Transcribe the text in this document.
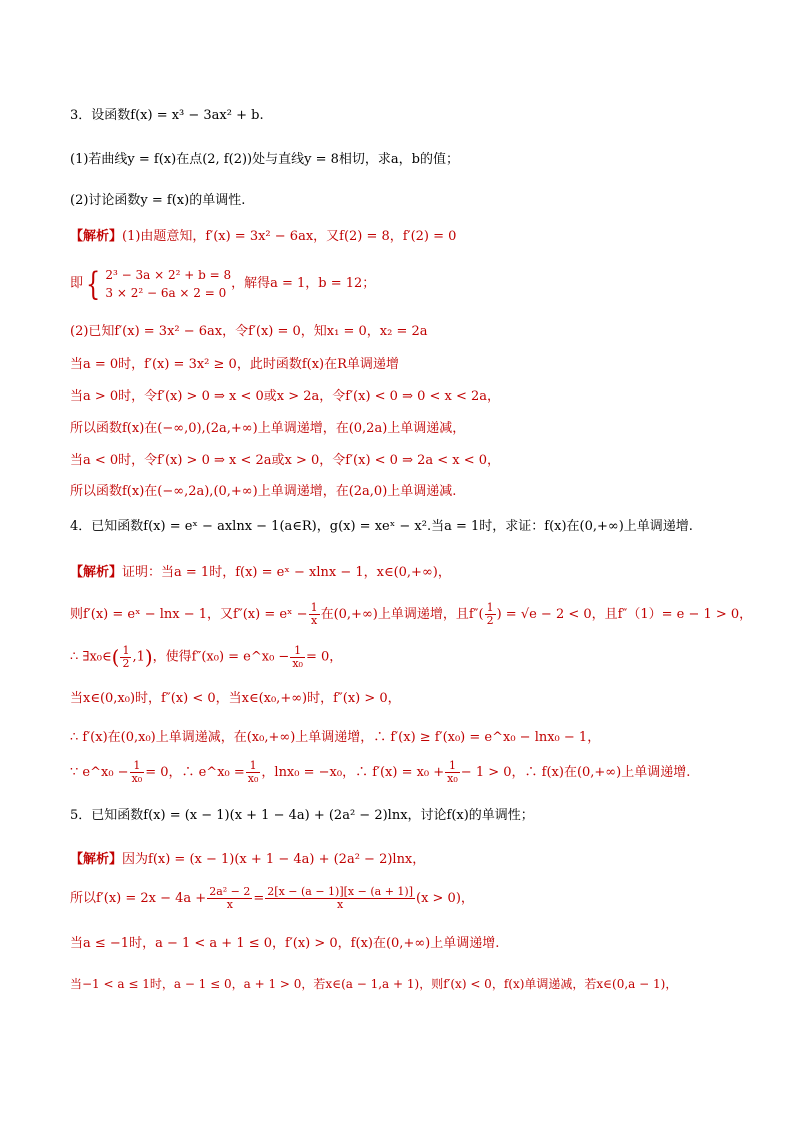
3．设函数f(x) = x³ − 3ax² + b.
(1)若曲线y = f(x)在点(2, f(2))处与直线y = 8相切，求a，b的值；
(2)讨论函数y = f(x)的单调性.
【解析】(1)由题意知，f′(x) = 3x² − 6ax，又f(2) = 8，f′(2) = 0
即{ 2³ − 3a × 2² + b = 8
3 × 2² − 6a × 2 = 0
，解得a = 1，b = 12；
(2)已知f′(x) = 3x² − 6ax，令f′(x) = 0，知x₁ = 0，x₂ = 2a
当a = 0时，f′(x) = 3x² ≥ 0，此时函数f(x)在R单调递增
当a > 0时，令f′(x) > 0 ⇒ x < 0或x > 2a，令f′(x) < 0 ⇒ 0 < x < 2a，
所以函数f(x)在(−∞,0),(2a,+∞)上单调递增，在(0,2a)上单调递减，
当a < 0时，令f′(x) > 0 ⇒ x < 2a或x > 0，令f′(x) < 0 ⇒ 2a < x < 0，
所以函数f(x)在(−∞,2a),(0,+∞)上单调递增，在(2a,0)上单调递减.
4．已知函数f(x) = eˣ − axlnx − 1(a∈R)，g(x) = xeˣ − x².当a = 1时，求证：f(x)在(0,+∞)上单调递增.
【解析】证明：当a = 1时，f(x) = eˣ − xlnx − 1，x∈(0,+∞)，
则f′(x) = eˣ − lnx − 1，又f″(x) = eˣ − $\frac{1}{x}$ 在(0,+∞)上单调递增，且$f''( \frac{1}{2}$ ) = √e − 2 < 0，且f″（1）= e − 1 > 0，
∴ ∃x₀∈( $\frac{1}{2} ,1$)，使得f″(x₀) = e^x₀ − $\frac{1}{\text{x₀}} = 0$，
当x∈(0,x₀)时，f″(x) < 0，当x∈(x₀,+∞)时，f″(x) > 0，
∴ f′(x)在(0,x₀)上单调递减，在(x₀,+∞)上单调递增，∴ f′(x) ≥ f′(x₀) = e^x₀ − lnx₀ − 1，
∵ e^x₀ − $\frac{1}{\text{x₀}} = 0$，∴ e^x₀ = $\frac{1}{\text{x₀}}$ ，lnx₀ = −x₀，∴ $f'(x) = x_0 + \frac{1}{\text{x₀}} - 1 > 0$，∴ f(x)在(0,+∞)上单调递增.
5．已知函数f(x) = (x − 1)(x + 1 − 4a) + (2a² − 2)lnx，讨论f(x)的单调性；
【解析】因为f(x) = (x − 1)(x + 1 − 4a) + (2a² − 2)lnx，
所以$f'(x) = 2x - 4a + \frac{\text{2a² − 2}}{x} = \frac{2[x - (a - 1)][x - (a + 1)]}{x} (x > 0)$，
当a ≤ −1时，a − 1 < a + 1 ≤ 0，f′(x) > 0，f(x)在(0,+∞)上单调递增.
当−1 < a ≤ 1时，a − 1 ≤ 0，a + 1 > 0，若x∈(a − 1,a + 1)，则f′(x) < 0，f(x)单调递减，若x∈(0,a − 1)，
